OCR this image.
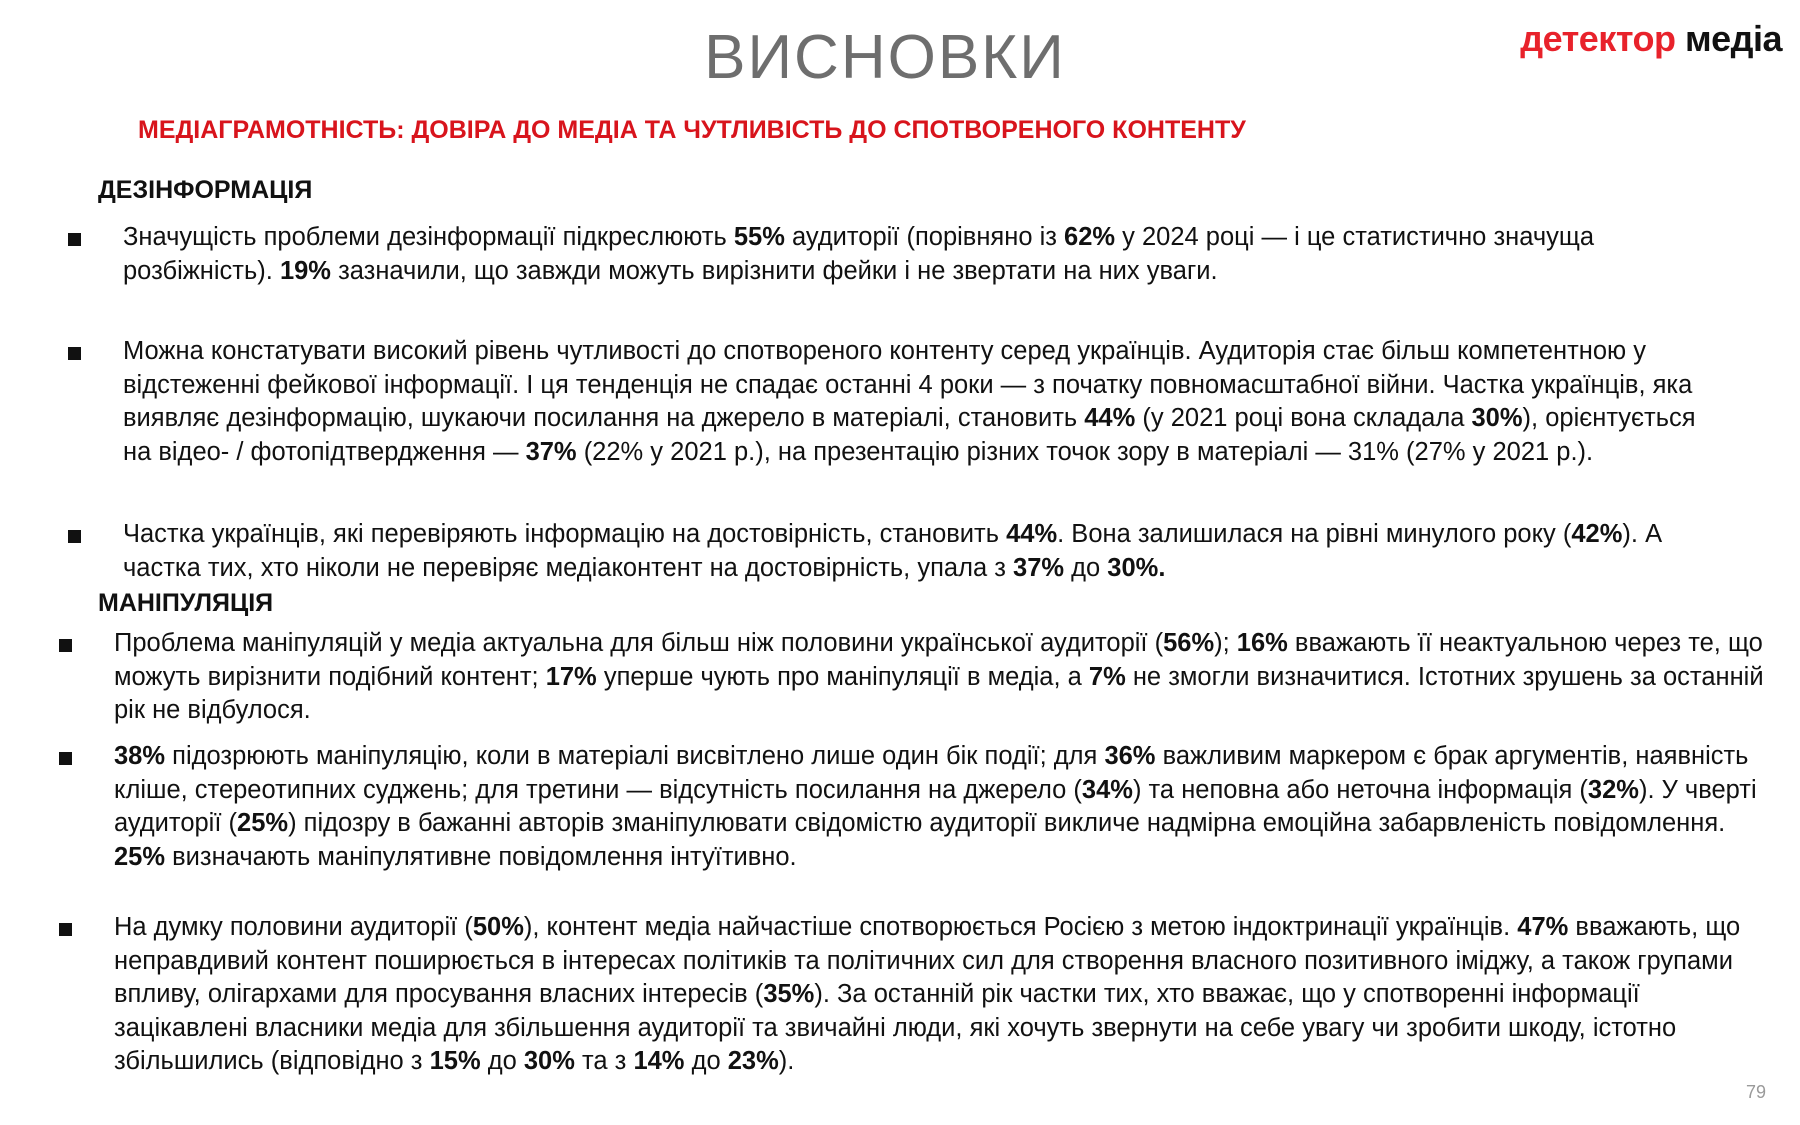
ВИСНОВКИ	детектор медіа
МЕДІАГРАМОТНІСТЬ: ДОВІРА ДО МЕДІА ТА ЧУТЛИВІСТЬ ДО СПОТВОРЕНОГО КОНТЕНТУ
ДЕЗІНФОРМАЦІЯ
Значущість проблеми дезінформації підкреслюють 55% аудиторії (порівняно із 62% у 2024 році — і це статистично значуща розбіжність). 19% зазначили, що завжди можуть вирізнити фейки і не звертати на них уваги.
Можна констатувати високий рівень чутливості до спотвореного контенту серед українців. Аудиторія стає більш компетентною у відстеженні фейкової інформації. І ця тенденція не спадає останні 4 роки — з початку повномасштабної війни. Частка українців, яка виявляє дезінформацію, шукаючи посилання на джерело в матеріалі, становить 44% (у 2021 році вона складала 30%), орієнтується на відео- / фотопідтвердження — 37% (22% у 2021 р.), на презентацію різних точок зору в матеріалі — 31% (27% у 2021 р.).
Частка українців, які перевіряють інформацію на достовірність, становить 44%. Вона залишилася на рівні минулого року (42%). А частка тих, хто ніколи не перевіряє медіаконтент на достовірність, упала з 37% до 30%.
МАНІПУЛЯЦІЯ
Проблема маніпуляцій у медіа актуальна для більш ніж половини української аудиторії (56%); 16% вважають її неактуальною через те, що можуть вирізнити подібний контент; 17% уперше чують про маніпуляції в медіа, а 7% не змогли визначитися. Істотних зрушень за останній рік не відбулося.
38% підозрюють маніпуляцію, коли в матеріалі висвітлено лише один бік події; для 36% важливим маркером є брак аргументів, наявність кліше, стереотипних суджень; для третини — відсутність посилання на джерело (34%) та неповна або неточна інформація (32%). У чверті аудиторії (25%) підозру в бажанні авторів зманіпулювати свідомістю аудиторії викличе надмірна емоційна забарвленість повідомлення. 25% визначають маніпулятивне повідомлення інтуїтивно.
На думку половини аудиторії (50%), контент медіа найчастіше спотворюється Росією з метою індоктринації українців. 47% вважають, що неправдивий контент поширюється в інтересах політиків та політичних сил для створення власного позитивного іміджу, а також групами впливу, олігархами для просування власних інтересів (35%). За останній рік частки тих, хто вважає, що у спотворенні інформації зацікавлені власники медіа для збільшення аудиторії та звичайні люди, які хочуть звернути на себе увагу чи зробити шкоду, істотно збільшились (відповідно з 15% до 30% та з 14% до 23%).
79
